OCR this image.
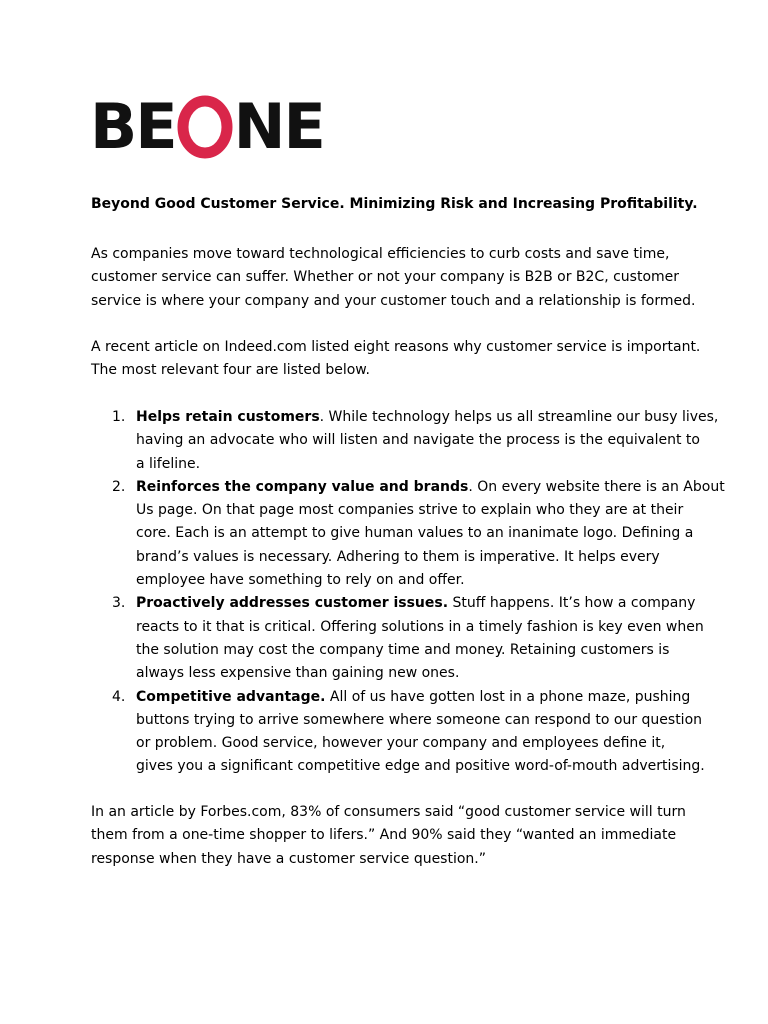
BE NE
Beyond Good Customer Service. Minimizing Risk and Increasing Profitability.
As companies move toward technological efficiencies to curb costs and save time,
customer service can suffer. Whether or not your company is B2B or B2C, customer
service is where your company and your customer touch and a relationship is formed.
A recent article on Indeed.com listed eight reasons why customer service is important.
The most relevant four are listed below.
1. Helps retain customers. While technology helps us all streamline our busy lives,
having an advocate who will listen and navigate the process is the equivalent to
a lifeline.
2. Reinforces the company value and brands. On every website there is an About
Us page. On that page most companies strive to explain who they are at their
core. Each is an attempt to give human values to an inanimate logo. Defining a
brand’s values is necessary. Adhering to them is imperative. It helps every
employee have something to rely on and offer.
3. Proactively addresses customer issues. Stuff happens. It’s how a company
reacts to it that is critical. Offering solutions in a timely fashion is key even when
the solution may cost the company time and money. Retaining customers is
always less expensive than gaining new ones.
4. Competitive advantage. All of us have gotten lost in a phone maze, pushing
buttons trying to arrive somewhere where someone can respond to our question
or problem. Good service, however your company and employees define it,
gives you a significant competitive edge and positive word-of-mouth advertising.
In an article by Forbes.com, 83% of consumers said “good customer service will turn
them from a one-time shopper to lifers.” And 90% said they “wanted an immediate
response when they have a customer service question.”
